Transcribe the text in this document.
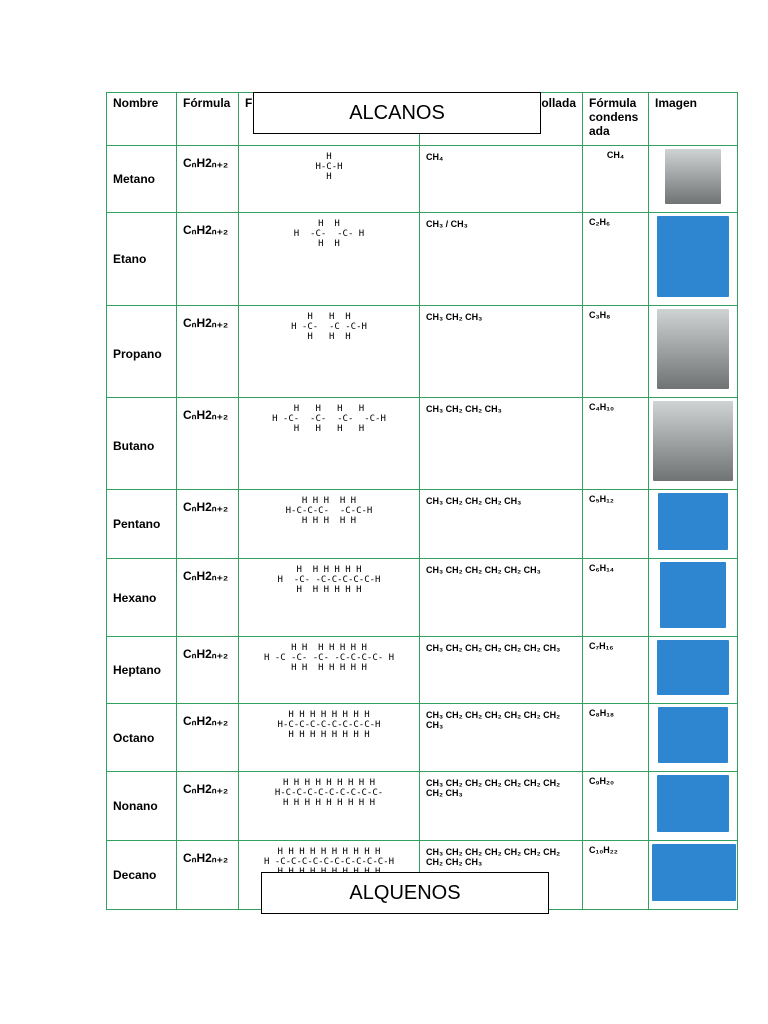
Nombre	Fórmula	F	ollada	Fórmula
condens
ada	Imagen
Metano	CₙH2ₙ₊₂	H
H-C-H
H	CH₄	CH₄	
Etano	CₙH2ₙ₊₂	H  H
H  -C-  -C- H
H  H	CH₃ / CH₃	C₂H₆	
Propano	CₙH2ₙ₊₂	H   H  H
H -C-  -C -C-H
H   H  H	CH₃ CH₂ CH₃	C₃H₈	
Butano	CₙH2ₙ₊₂	H   H   H   H
H -C-  -C-  -C-  -C-H
H   H   H   H	CH₃ CH₂ CH₂ CH₃	C₄H₁₀	
Pentano	CₙH2ₙ₊₂	H H H  H H
H-C-C-C-  -C-C-H
H H H  H H	CH₃ CH₂ CH₂ CH₂ CH₃	C₅H₁₂	
Hexano	CₙH2ₙ₊₂	H  H H H H H
H  -C- -C-C-C-C-C-H
H  H H H H H	CH₃ CH₂ CH₂ CH₂ CH₂ CH₃	C₆H₁₄	
Heptano	CₙH2ₙ₊₂	H H  H H H H H
H -C -C- -C- -C-C-C-C- H
H H  H H H H H	CH₃ CH₂ CH₂ CH₂ CH₂ CH₂ CH₃	C₇H₁₆	
Octano	CₙH2ₙ₊₂	H H H H H H H H
H-C-C-C-C-C-C-C-C-H
H H H H H H H H	CH₃ CH₂ CH₂ CH₂ CH₂ CH₂ CH₂ CH₃	C₈H₁₈	
Nonano	CₙH2ₙ₊₂	H H H H H H H H H
H-C-C-C-C-C-C-C-C-C-
H H H H H H H H H	CH₃ CH₂ CH₂ CH₂ CH₂ CH₂ CH₂ CH₂ CH₃	C₉H₂₀	
Decano	CₙH2ₙ₊₂	H H H H H H H H H H
H -C-C-C-C-C-C-C-C-C-C-H	CH₃ CH₂ CH₂ CH₂ CH₂ CH₂ CH₂ CH₂ CH₂ CH₃	C₁₀H₂₂	
ALCANOS
ALQUENOS
